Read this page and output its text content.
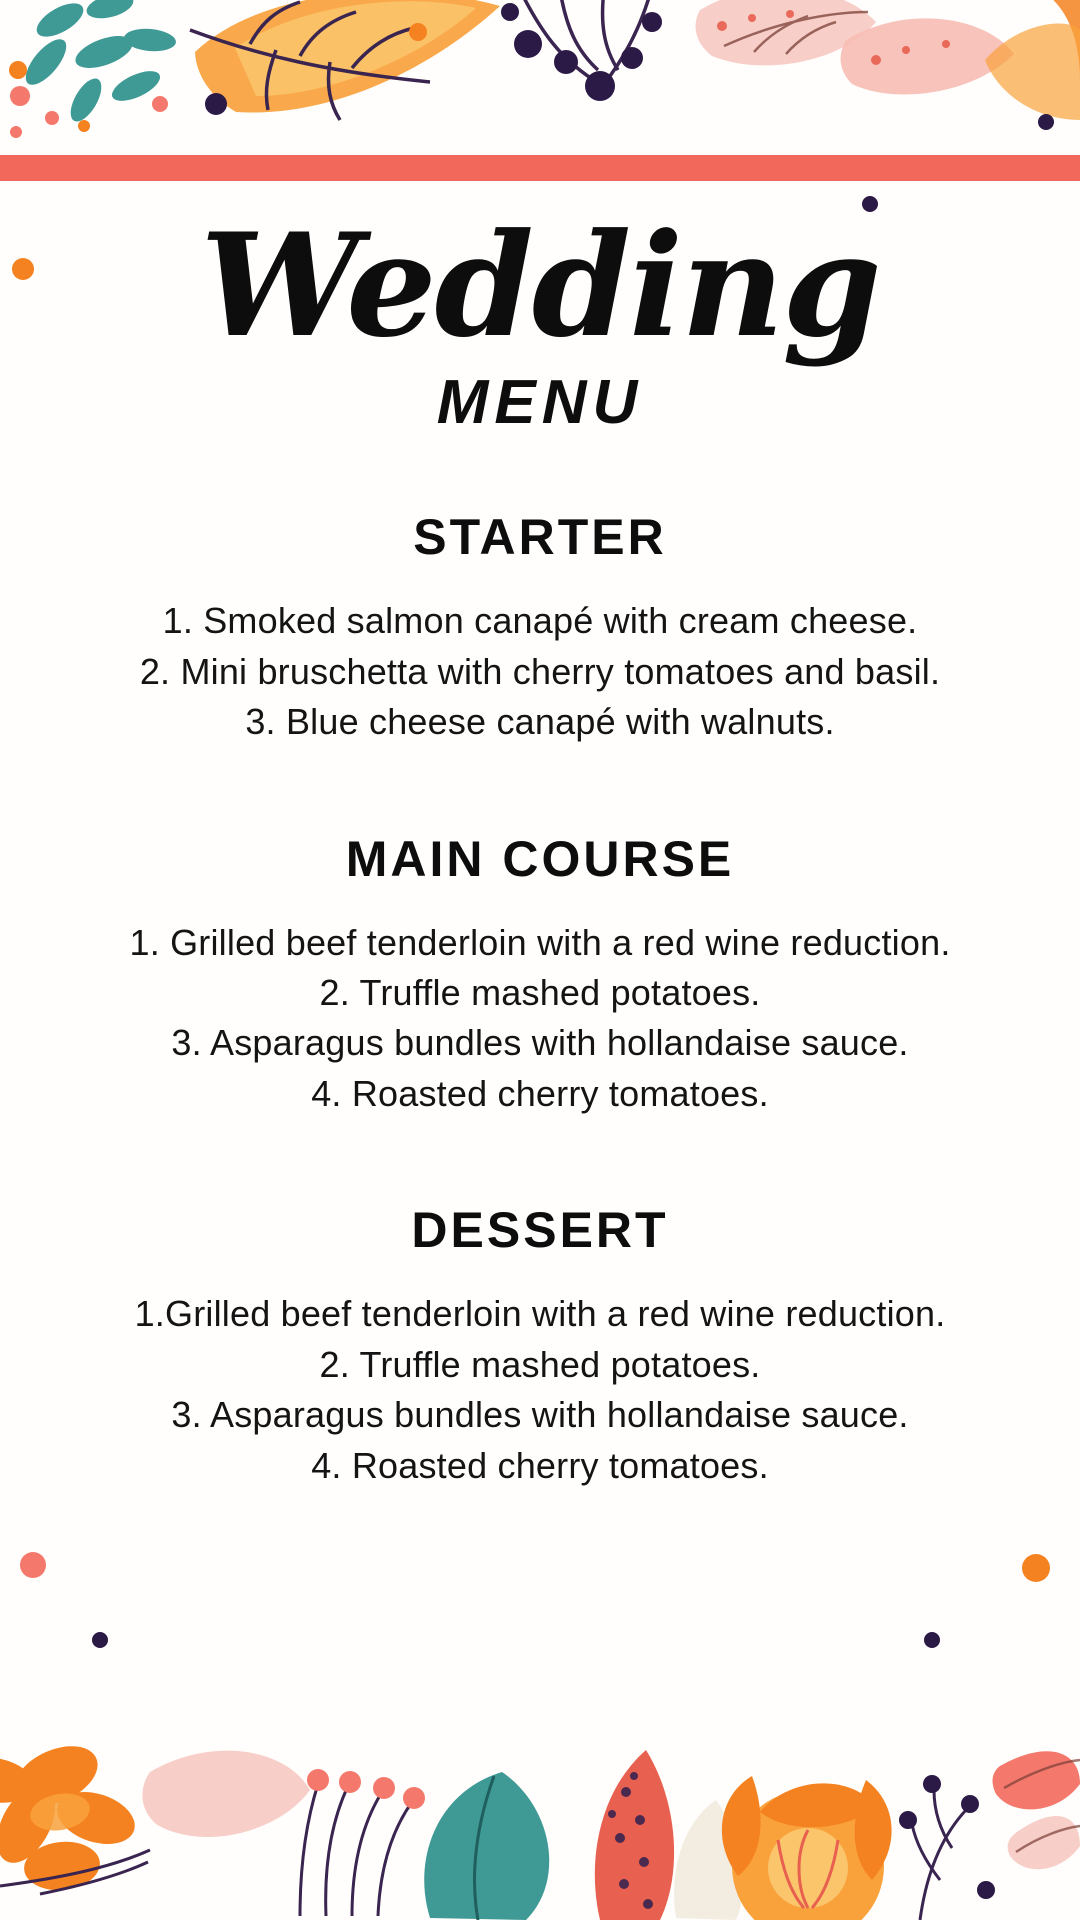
Wedding
MENU
STARTER
1. Smoked salmon canapé with cream cheese.
2. Mini bruschetta with cherry tomatoes and basil.
3. Blue cheese canapé with walnuts.
MAIN COURSE
1. Grilled beef tenderloin with a red wine reduction.
2. Truffle mashed potatoes.
3. Asparagus bundles with hollandaise sauce.
4. Roasted cherry tomatoes.
DESSERT
1.Grilled beef tenderloin with a red wine reduction.
2. Truffle mashed potatoes.
3. Asparagus bundles with hollandaise sauce.
4. Roasted cherry tomatoes.
